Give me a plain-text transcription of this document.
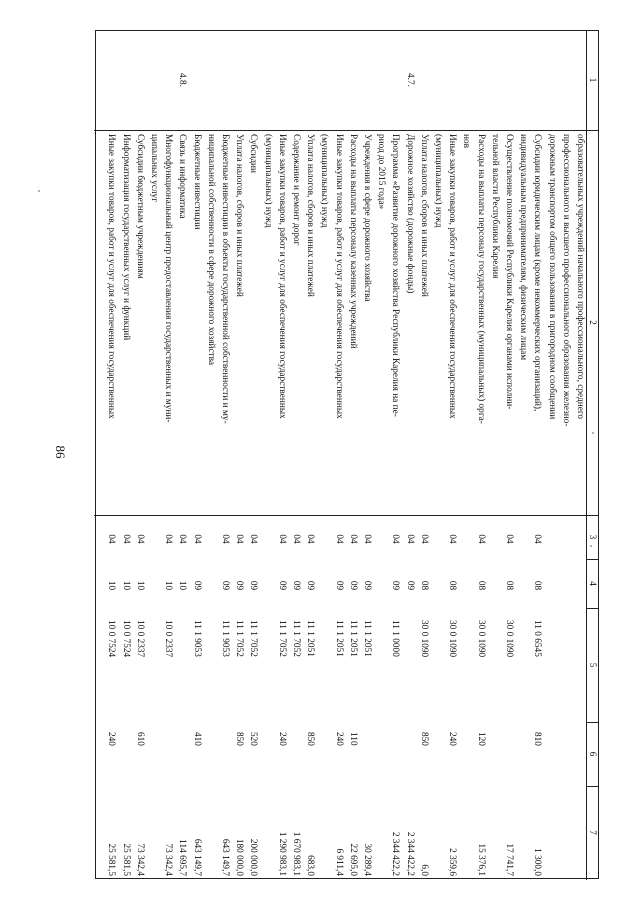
86
1
2
3
4
5
6
7
образовательных учреждений начального профессионального, среднего
профессионального и высшего профессионального образования железно-
дорожным транспортом общего пользования в пригородном сообщении
Субсидии юридическим лицам (кроме некоммерческих организаций),
04
08
11 0 6545
810
1 300,0
индивидуальным предпринимателям, физическим лицам
Осуществление полномочий Республики Карелия органами исполни-
04
08
30 0 1090
17 741,7
тельной власти Республики Карелия
Расходы на выплаты персоналу государственных (муниципальных) орга-
04
08
30 0 1090
120
15 376,1
нов
Иные закупки товаров, работ и услуг для обеспечения государственных
04
08
30 0 1090
240
2 359,6
(муниципальных) нужд
Уплата налогов, сборов и иных платежей
04
08
30 0 1090
850
6,0
4.7.
Дорожное хозяйство (дорожные фонды)
04
09
2 344 422,2
Программа «Развитие дорожного хозяйства Республики Карелия на пе-
04
09
11 1 0000
2 344 422,2
риод до 2015 года»
Учреждения в сфере дорожного хозяйства
04
09
11 1 2051
30 289,4
Расходы на выплаты персоналу казенных учреждений
04
09
11 1 2051
110
22 695,0
Иные закупки товаров, работ и услуг для обеспечения государственных
04
09
11 1 2051
240
6 911,4
(муниципальных) нужд
Уплата налогов, сборов и иных платежей
04
09
11 1 2051
850
683,0
Содержание и ремонт дорог
04
09
11 1 7052
1 670 983,1
Иные закупки товаров, работ и услуг для обеспечения государственных
04
09
11 1 7052
240
1 290 983,1
(муниципальных) нужд
Субсидии
04
09
11 1 7052
520
200 000,0
Уплата налогов, сборов и иных платежей
04
09
11 1 7052
850
180 000,0
Бюджетные инвестиции в объекты государственной собственности и му-
04
09
11 1 9053
643 149,7
ниципальной собственности в сфере дорожного хозяйства
Бюджетные инвестиции
04
09
11 1 9053
410
643 149,7
4.8.
Связь и информатика
04
10
114 695,7
Многофункциональный центр предоставления государственных и муни-
04
10
10 0 2337
73 342,4
ципальных услуг
Субсидии бюджетным учреждениям
04
10
10 0 2337
610
73 342,4
Информатизация государственных услуг и функций
04
10
10 0 7524
25 581,5
Иные закупки товаров, работ и услуг для обеспечения государственных
04
10
10 0 7524
240
25 581,5
